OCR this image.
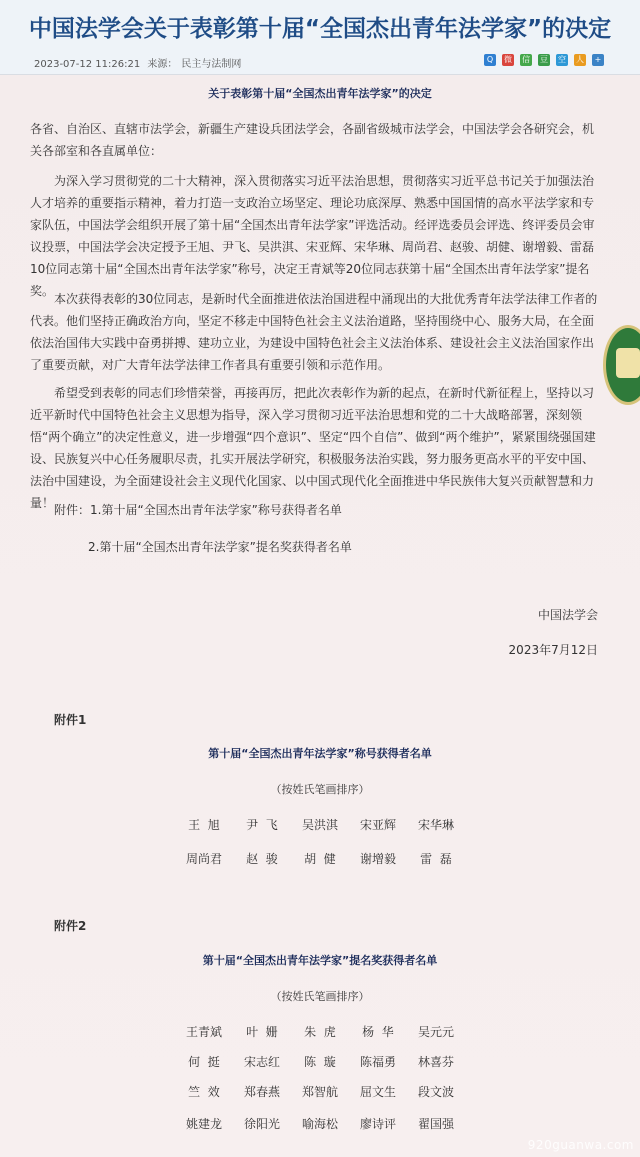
中国法学会关于表彰第十届“全国杰出青年法学家”的决定
2023-07-12 11:26:21 来源： 民主与法制网	Q	微 信 豆 空 人	+
关于表彰第十届“全国杰出青年法学家”的决定
各省、自治区、直辖市法学会，新疆生产建设兵团法学会，各副省级城市法学会，中国法学会各研究会，机关各部室和各直属单位：
为深入学习贯彻党的二十大精神，深入贯彻落实习近平法治思想，贯彻落实习近平总书记关于加强法治人才培养的重要指示精神，着力打造一支政治立场坚定、理论功底深厚、熟悉中国国情的高水平法学家和专家队伍，中国法学会组织开展了第十届“全国杰出青年法学家”评选活动。经评选委员会评选、终评委员会审议投票，中国法学会决定授予王旭、尹飞、吴洪淇、宋亚辉、宋华琳、周尚君、赵骏、胡健、谢增毅、雷磊10位同志第十届“全国杰出青年法学家”称号，决定王青斌等20位同志获第十届“全国杰出青年法学家”提名奖。
本次获得表彰的30位同志，是新时代全面推进依法治国进程中涌现出的大批优秀青年法学法律工作者的代表。他们坚持正确政治方向，坚定不移走中国特色社会主义法治道路，坚持围绕中心、服务大局，在全面依法治国伟大实践中奋勇拼搏、建功立业，为建设中国特色社会主义法治体系、建设社会主义法治国家作出了重要贡献，对广大青年法学法律工作者具有重要引领和示范作用。
希望受到表彰的同志们珍惜荣誉，再接再厉，把此次表彰作为新的起点，在新时代新征程上，坚持以习近平新时代中国特色社会主义思想为指导，深入学习贯彻习近平法治思想和党的二十大战略部署，深刻领悟“两个确立”的决定性意义，进一步增强“四个意识”、坚定“四个自信”、做到“两个维护”，紧紧围绕强国建设、民族复兴中心任务履职尽责，扎实开展法学研究，积极服务法治实践，努力服务更高水平的平安中国、法治中国建设，为全面建设社会主义现代化国家、以中国式现代化全面推进中华民族伟大复兴贡献智慧和力量！ 附件：1.第十届“全国杰出青年法学家”称号获得者名单
2.第十届“全国杰出青年法学家”提名奖获得者名单
中国法学会
2023年7月12日
附件1
第十届“全国杰出青年法学家”称号获得者名单
（按姓氏笔画排序）
王  旭	尹  飞	吴洪淇 宋亚辉 宋华琳
周尚君	赵  骏	胡  健	谢增毅	雷  磊
附件2
第十届“全国杰出青年法学家”提名奖获得者名单
（按姓氏笔画排序）
王青斌	叶  姗	朱  虎	杨  华	吴元元
何  挺	宋志红	陈  璇	陈福勇 林喜芬
竺  效	郑春燕 郑智航 屈文生 段文波
姚建龙 徐阳光 喻海松 廖诗评 翟国强
920guanwa.com
